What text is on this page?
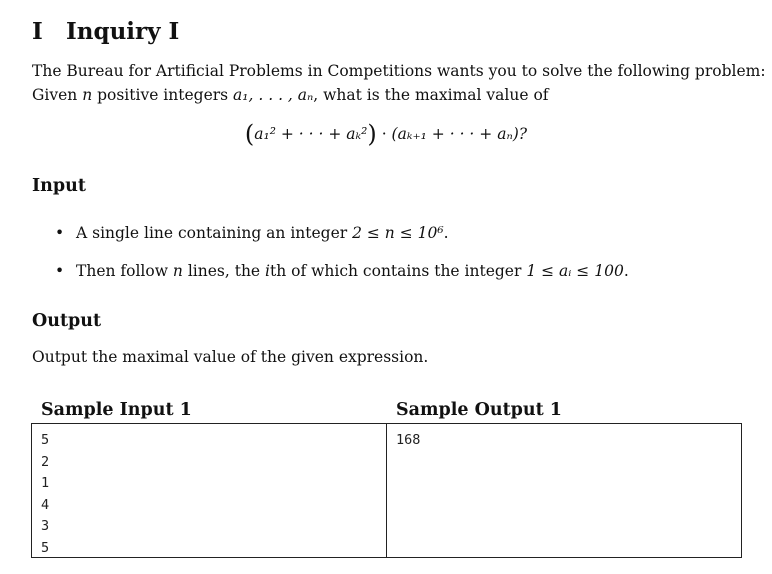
I Inquiry I
The Bureau for Artificial Problems in Competitions wants you to solve the following problem:
Given n positive integers a₁, . . . , aₙ, what is the maximal value of
(a₁² + · · · + aₖ²) · (aₖ₊₁ + · · · + aₙ)?
Input
• A single line containing an integer 2 ≤ n ≤ 10⁶.
• Then follow n lines, the ith of which contains the integer 1 ≤ aᵢ ≤ 100.
Output
Output the maximal value of the given expression.
Sample Input 1	Sample Output 1
5
2
1
4
3
5
168
